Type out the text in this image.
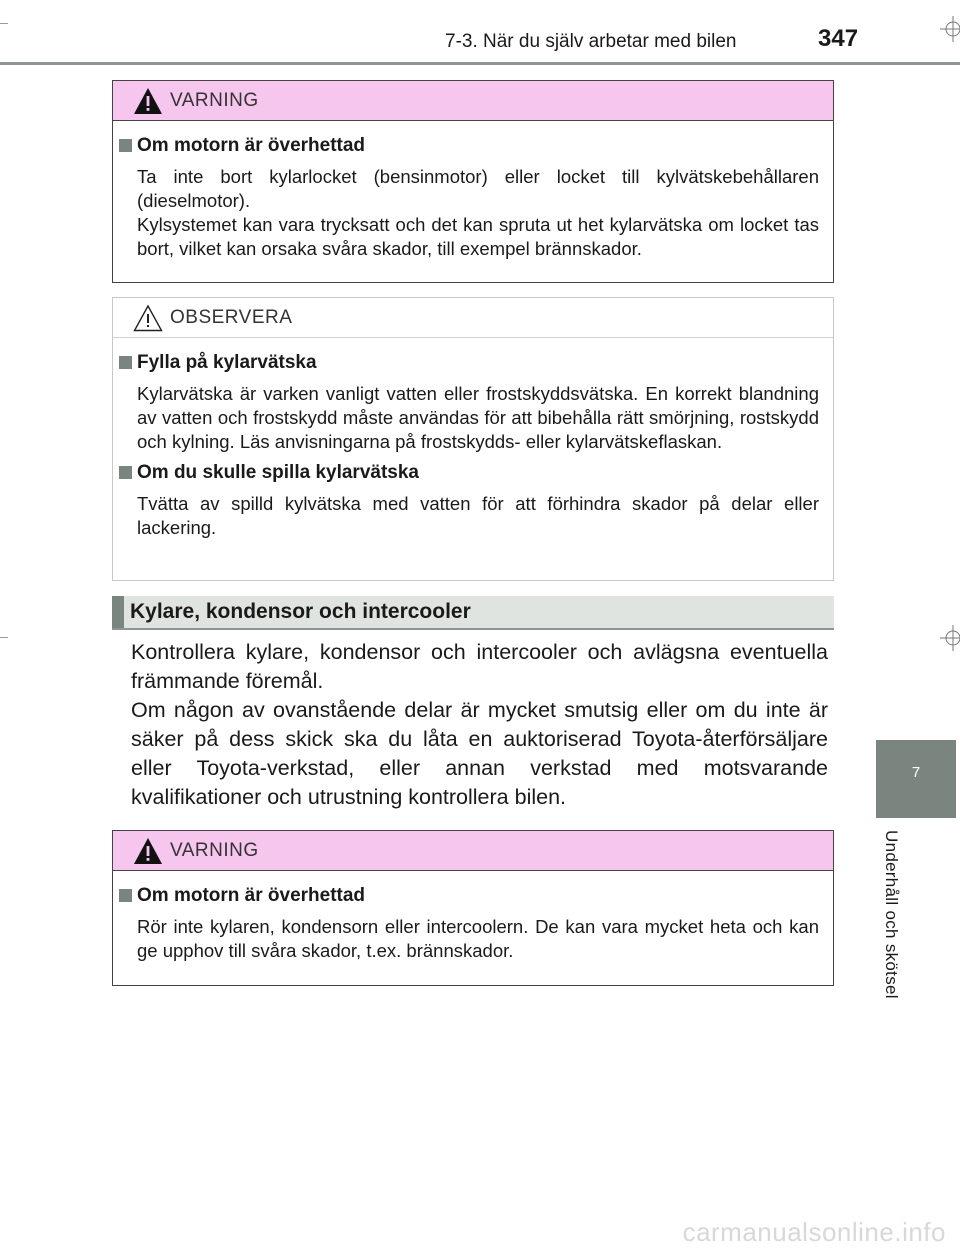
7-3. När du själv arbetar med bilen	347
7
Underhåll och skötsel
VARNING
Om motorn är överhettad

Ta inte bort kylarlocket (bensinmotor) eller locket till kylvätskebehållaren (dieselmotor).

Kylsystemet kan vara trycksatt och det kan spruta ut het kylarvätska om locket tas bort, vilket kan orsaka svåra skador, till exempel brännskador.

OBSERVERA
Fylla på kylarvätska

Kylarvätska är varken vanligt vatten eller frostskyddsvätska. En korrekt blandning av vatten och frostskydd måste användas för att bibehålla rätt smörjning, rostskydd och kylning. Läs anvisningarna på frostskydds- eller kylarvätskeflaskan.

Om du skulle spilla kylarvätska

Tvätta av spilld kylvätska med vatten för att förhindra skador på delar eller lackering.

Kylare, kondensor och intercooler

Kontrollera kylare, kondensor och intercooler och avlägsna eventuella främmande föremål.

Om någon av ovanstående delar är mycket smutsig eller om du inte är säker på dess skick ska du låta en auktoriserad Toyota-återförsäljare eller Toyota-verkstad, eller annan verkstad med motsvarande kvalifikationer och utrustning kontrollera bilen.

VARNING
Om motorn är överhettad

Rör inte kylaren, kondensorn eller intercoolern. De kan vara mycket heta och kan ge upphov till svåra skador, t.ex. brännskador.

carmanualsonline.info
